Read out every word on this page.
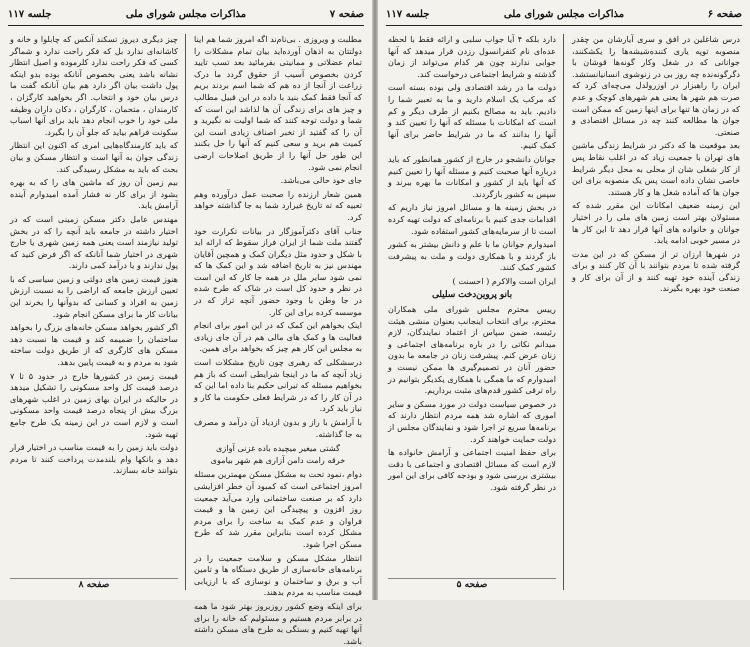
صفحه ۷
مذاکرات مجلس شورای ملی
جلسه ۱۱۷

مطلبت و ویروزی . بی‌نام‌ند اگه امروز شما هم اینا دولتتان به اذهان آورده‌اید بیان تمام مشکلات را تمام عضلاتی و ممانیتی بفرمائید بعد تسب تایید کردن بخصوص آسیب از حقوق گردد ما درک زراعت از آنجا از ده هم که شما اسم بردند بریم که آنجا فقط کمک بنید با داده در این قبیل مطالب و چیز های برای زندگی آن ها لذاشد این است که شما و دولت توجه کنند که شما اولیت نه نگیرید و آن را که گفتید از تخبر اصناف زیادی است این کمیت هم برید و سعی کنیم که آنها را حل بکنند این طور حل آنها را از طریق اصلاحات ارضی انجام نمی شود.

جای خود حالی می‌باشد.

همین شعار ارزنده را صحبت عمل درآورده وهم تعبیه که ته تاریخ غیرارد شما به جا گذاشته خواهد کرد.

جناب آقای دکترآموزگار در بیانات تکرارت خود گفتند ملت شما از ایران فراز سقوط که ارائه اید با شکل و حدود مثل دیگران کمک و همچین آقایان مهندس نیز به تاریخ اضافه شد و این کمک ها که نمی شود سایر ملل در همه جا کار که این است در نظر و حدود کل است در شاک که طرح شده در جا وطن با وجود حضور آنچه تراز که در موسسه کرده برای این کار.

اینک بخواهم این کمک که در این امور برای انجام فعالیت ها و کمک های مالی هم در آن جای زیادی به مجلس این کار هم چیز که بخواهد برای همین.

درسشکلی که رهبری چون تاریخ مشکلات است زیاد آنچه که ما در اینجا شرایطی است که باز هم بخواهیم مسئله که تیرانی حکیم بنا داده اما این که در آن کار را که در شرایط فعلی حکومت ما کار و نیاز باید کرد.

با آرامش با راز و بدون ازدیاد آن درآمد و مصرف به جا گذاشته.

گشتی میغیر میچیده باده غزنی آوازی
خرقه رامت دامن آزاری هم شهر بیاموی

دوام ،نمود تحت به مشکل مسکن مهمترین مسئله امروز اجتماعی است که کمبود آن خطر افزایشی دارد که بر صنعت ساختمانی وارد می‌آید جمعیت روز افزون و پیچیدگی این زمین ها و قیمت فراوان و عدم کمک به ساخت را برای مردم مشکل کرده است بنابراین مقرر شد که طرح مسکن اجرا شود.

انتظار مشکل مسکن و سلامت جمعیت را در برنامه‌های خانه‌سازی از طریق دستگاه ها و تامین آب و برق و ساختمان و نوسازی که با ارزیابی قیمت مناسب به مردم بدهند.

برای اینکه وضع کشور روزبروز بهتر شود ما همه در برابر مردم هستیم و مسئولیم که خانه را برای آنها تهیه کنیم و بستگی به طرح های مسکن داشته باشد.

چیز دیگری دیروز تسکند آنکس که چابلوا و خانه و کاشانه‌ای ندارد بل که فکر راحت ندارد و شماگر کسی که فکر راحت ندارد کلرموده و اصیل انتظار نشانه باشد یعنی بخصوص آنانکه بوده بدو اینکه پول داشت بیان اگر دارد هم بیان آنانکه گفت ما درس بیان خود و انتخاب. اگر بخواهید کارگزان ، کارمندان ، متحمان ، کارگران ، دکان داران وظیفه ملی خود را خوب انجام دهد باید برای آنها اسباب سکونت فراهم بیاید که جلو آن را بگیرد.

که باید کارمندگاه‌هایی امری که اکنون این انتظار زندگی جوان به آنها است و انتظار مسکن و بیان بحث که باید به مشکل رسیدگی کند.

بیم زمین آن روز که ماشین های را که به بهره بشود از برای کار نه فشار آمده امیدوارم آینده آرامش یابد.

مهندس عامل دکتر مسکن زمینی است که در اختیار داشته در جامعه باید آنچه را که در بخش تولید نیازمند است یعنی همه زمین شهری یا خارج شهری در اختیار شما آنانکه که اگر فرض کنید که پول ندارند و یا درآمد کمی دارند.

هنوز قیمت زمین های دولتی و زمین سیاسی که با تعیین ارزش جامعه که اراضی را به نسبت ارزش زمین به افراد و کسانی که بدوآنها را بخرند این بیانات کار ما برای مسکن انجام شود.

اگر کشور بخواهد مسکن خانه‌های بزرگ را بخواهد ساختمان را ضمیمه کند و قیمت ها نسبت دهد مسکن های کارگری که از طریق دولت ساخته شود به مردم و به قیمت پایین بدهد.

قیمت زمین در کشورها خارج در حدود ۵ تا ۷ درصد قیمت کل واحد مسکونی را تشکیل میدهد در حالیکه در ایران بهای زمین در اغلب شهرهای بزرگ بیش از پنجاه درصد قیمت واحد مسکونی است و لازم است در این زمینه یک طرح جامع تهیه شود.

دولت باید زمین را به قیمت مناسب در اختیار قرار دهد و بانکها وام بلندمدت پرداخت کنند تا مردم بتوانند خانه بسازند.

صفحه ۸
صفحه ۶
مذاکرات مجلس شورای ملی
جلسه ۱۱۷

درس شاغلین در افق و سری آیارشان من چقدر منصوبه توپه یاری کننده‌شیشه‌ها را یکشکنند، جوانانی که در شغل وکار گونه‌ها قوشان با دگرگونه‌نده چه روز بی در زنوشوی انسانیانستشد. ایران را راهبزار در اوزرولدل می‌چه‌ای کرد که صرت هم شهر ها یعنی هم شهرهای کوچک و عدم که در زمان ها تنها برای اینها زمین که ممکن است جوان ها مطالعه کنند چه در مسائل اقتصادی و صنعتی.

بعد موقعیت ها که دکتر در شرایط زندگی ماشین های تهران با جمعیت زیاد که در اغلب نقاط پس از کار شغلی شان از محلی به محل دیگر شرایط خاصی نشان داده است پس یک منصوبه برای این جوان ها که آماده شغل ها و کار هستند.

این زمینه ضعیف امکانات این مقرر شده که مسئولان بهتر است زمین های ملی را در اختیار جوانان و خانواده های آنها قرار دهد تا این کار ها در مسیر خوبی ادامه یابد.

در شهرها ارزان تر از مسکن که در این مدت گرفته شده تا مردم بتوانند با آن کار کنند و برای زندگی آینده خود تهیه کنند و از آن برای کار و صنعت خود بهره بگیرند.

دارد بلکه ۴ آیا جواب سلبی و ارائه فقط با لحظه عده‌ای نام کنفرانسول‌ رزدن قرار میدهد که آنها جوابی ندارند چون هر کدام می‌تواند از زمان گذشته و شرایط اجتماعی درخواست کند.

دولت ما در رشد اقتصادی ولی بوده بسته است که مرکب یک اسلام دارید و ما به تعبیر شما را دادیم. باید به مصالح بکنیم از طرف دیگر و کم است که امکانات با مسئله که آنها را تعیین کند و آنها را بدانند که ما در شرایط حاضر برای آنها کمک کنیم.

جوانان دانشجو در خارج از کشور همانطور که باید درباره آنها صحبت کنیم و مسئله آنها را تعیین کنیم که آنها باید از کشور و امکانات ما بهره ببرند و سپس به کشور بازگردند.

در بخش زمینه ها و مسائل امروز نیاز داریم که اقدامات جدی کنیم با برنامه‌ای که دولت تهیه کرده است تا از سرمایه‌های کشور استفاده شود.

امیدوارم جوانان ما با علم و دانش بیشتر به کشور باز گردند و با همکاری دولت و ملت به پیشرفت کشور کمک کنند.

ایران است والاکرم ( احسنت )

بانو پروین‌دخت سلیلی

رییس محترم‌ مجلس شورای ملی همکاران محترم، برای انتخاب اینجانب بعنوان منشی هیئت رئیسه، ضمن سپاس از اعتماد نمایندگان، لازم میدانم نکاتی را در باره برنامه‌های اجتماعی و زنان عرض کنم. پیشرفت زنان در جامعه ما بدون حضور آنان در تصمیم‌گیری ها ممکن نیست و امیدوارم که ما همگی با همکاری یکدیگر بتوانیم در راه ترقی کشور قدم‌های مثبت برداریم.

در خصوص سیاست دولت در مورد مسکن و سایر اموری که اشاره شد همه مردم انتظار دارند که برنامه‌ها سریع تر اجرا شود و نمایندگان مجلس از دولت حمایت خواهند کرد.

برای حفظ امنیت اجتماعی و آرامش خانواده ها لازم است که مسائل اقتصادی و اجتماعی با دقت بیشتری بررسی شود و بودجه کافی برای این امور در نظر گرفته شود.

صفحه ۵
